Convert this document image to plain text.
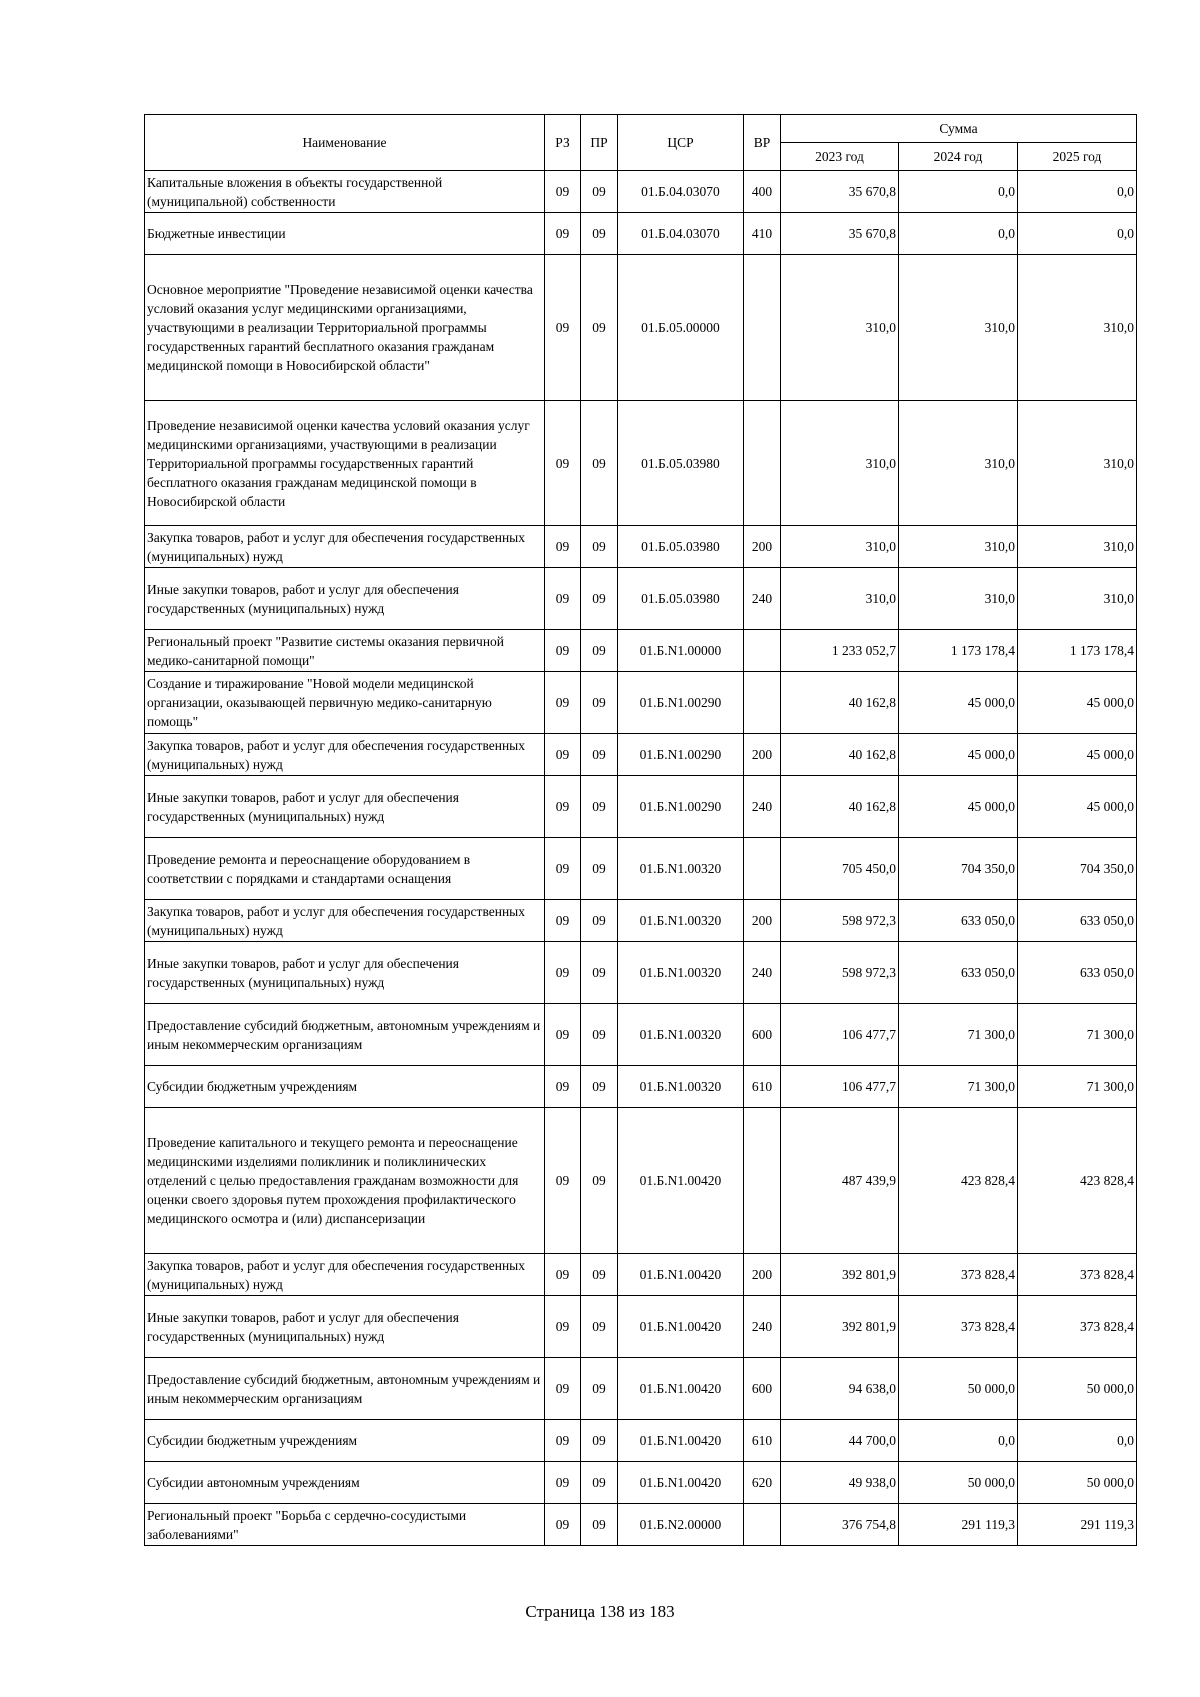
Наименование	РЗ	ПР	ЦСР	ВР	Сумма		
					2023 год	2024 год	2025 год
Капитальные вложения в объекты государственной (муниципальной) собственности	09	09	01.Б.04.03070	400	35 670,8	0,0	0,0
Бюджетные инвестиции	09	09	01.Б.04.03070	410	35 670,8	0,0	0,0
Основное мероприятие "Проведение независимой оценки качества условий оказания услуг медицинскими организациями, участвующими в реализации Территориальной программы государственных гарантий бесплатного оказания гражданам медицинской помощи в Новосибирской области"	09	09	01.Б.05.00000		310,0	310,0	310,0
Проведение независимой оценки качества условий оказания услуг медицинскими организациями, участвующими в реализации Территориальной программы государственных гарантий бесплатного оказания гражданам медицинской помощи в Новосибирской области	09	09	01.Б.05.03980		310,0	310,0	310,0
Закупка товаров, работ и услуг для обеспечения государственных (муниципальных) нужд	09	09	01.Б.05.03980	200	310,0	310,0	310,0
Иные закупки товаров, работ и услуг для обеспечения государственных (муниципальных) нужд	09	09	01.Б.05.03980	240	310,0	310,0	310,0
Региональный проект "Развитие системы оказания первичной медико-санитарной помощи"	09	09	01.Б.N1.00000		1 233 052,7	1 173 178,4	1 173 178,4
Создание и тиражирование "Новой модели медицинской организации, оказывающей первичную медико-санитарную помощь"	09	09	01.Б.N1.00290		40 162,8	45 000,0	45 000,0
Закупка товаров, работ и услуг для обеспечения государственных (муниципальных) нужд	09	09	01.Б.N1.00290	200	40 162,8	45 000,0	45 000,0
Иные закупки товаров, работ и услуг для обеспечения государственных (муниципальных) нужд	09	09	01.Б.N1.00290	240	40 162,8	45 000,0	45 000,0
Проведение ремонта и переоснащение оборудованием в соответствии с порядками и стандартами оснащения	09	09	01.Б.N1.00320		705 450,0	704 350,0	704 350,0
Закупка товаров, работ и услуг для обеспечения государственных (муниципальных) нужд	09	09	01.Б.N1.00320	200	598 972,3	633 050,0	633 050,0
Иные закупки товаров, работ и услуг для обеспечения государственных (муниципальных) нужд	09	09	01.Б.N1.00320	240	598 972,3	633 050,0	633 050,0
Предоставление субсидий бюджетным, автономным учреждениям и иным некоммерческим организациям	09	09	01.Б.N1.00320	600	106 477,7	71 300,0	71 300,0
Субсидии бюджетным учреждениям	09	09	01.Б.N1.00320	610	106 477,7	71 300,0	71 300,0
Проведение капитального и текущего ремонта и переоснащение медицинскими изделиями поликлиник и поликлинических отделений с целью предоставления гражданам возможности для оценки своего здоровья путем прохождения профилактического медицинского осмотра и (или) диспансеризации	09	09	01.Б.N1.00420		487 439,9	423 828,4	423 828,4
Закупка товаров, работ и услуг для обеспечения государственных (муниципальных) нужд	09	09	01.Б.N1.00420	200	392 801,9	373 828,4	373 828,4
Иные закупки товаров, работ и услуг для обеспечения государственных (муниципальных) нужд	09	09	01.Б.N1.00420	240	392 801,9	373 828,4	373 828,4
Предоставление субсидий бюджетным, автономным учреждениям и иным некоммерческим организациям	09	09	01.Б.N1.00420	600	94 638,0	50 000,0	50 000,0
Субсидии бюджетным учреждениям	09	09	01.Б.N1.00420	610	44 700,0	0,0	0,0
Субсидии автономным учреждениям	09	09	01.Б.N1.00420	620	49 938,0	50 000,0	50 000,0
Региональный проект "Борьба с сердечно-сосудистыми заболеваниями"	09	09	01.Б.N2.00000		376 754,8	291 119,3	291 119,3
Страница 138 из 183
